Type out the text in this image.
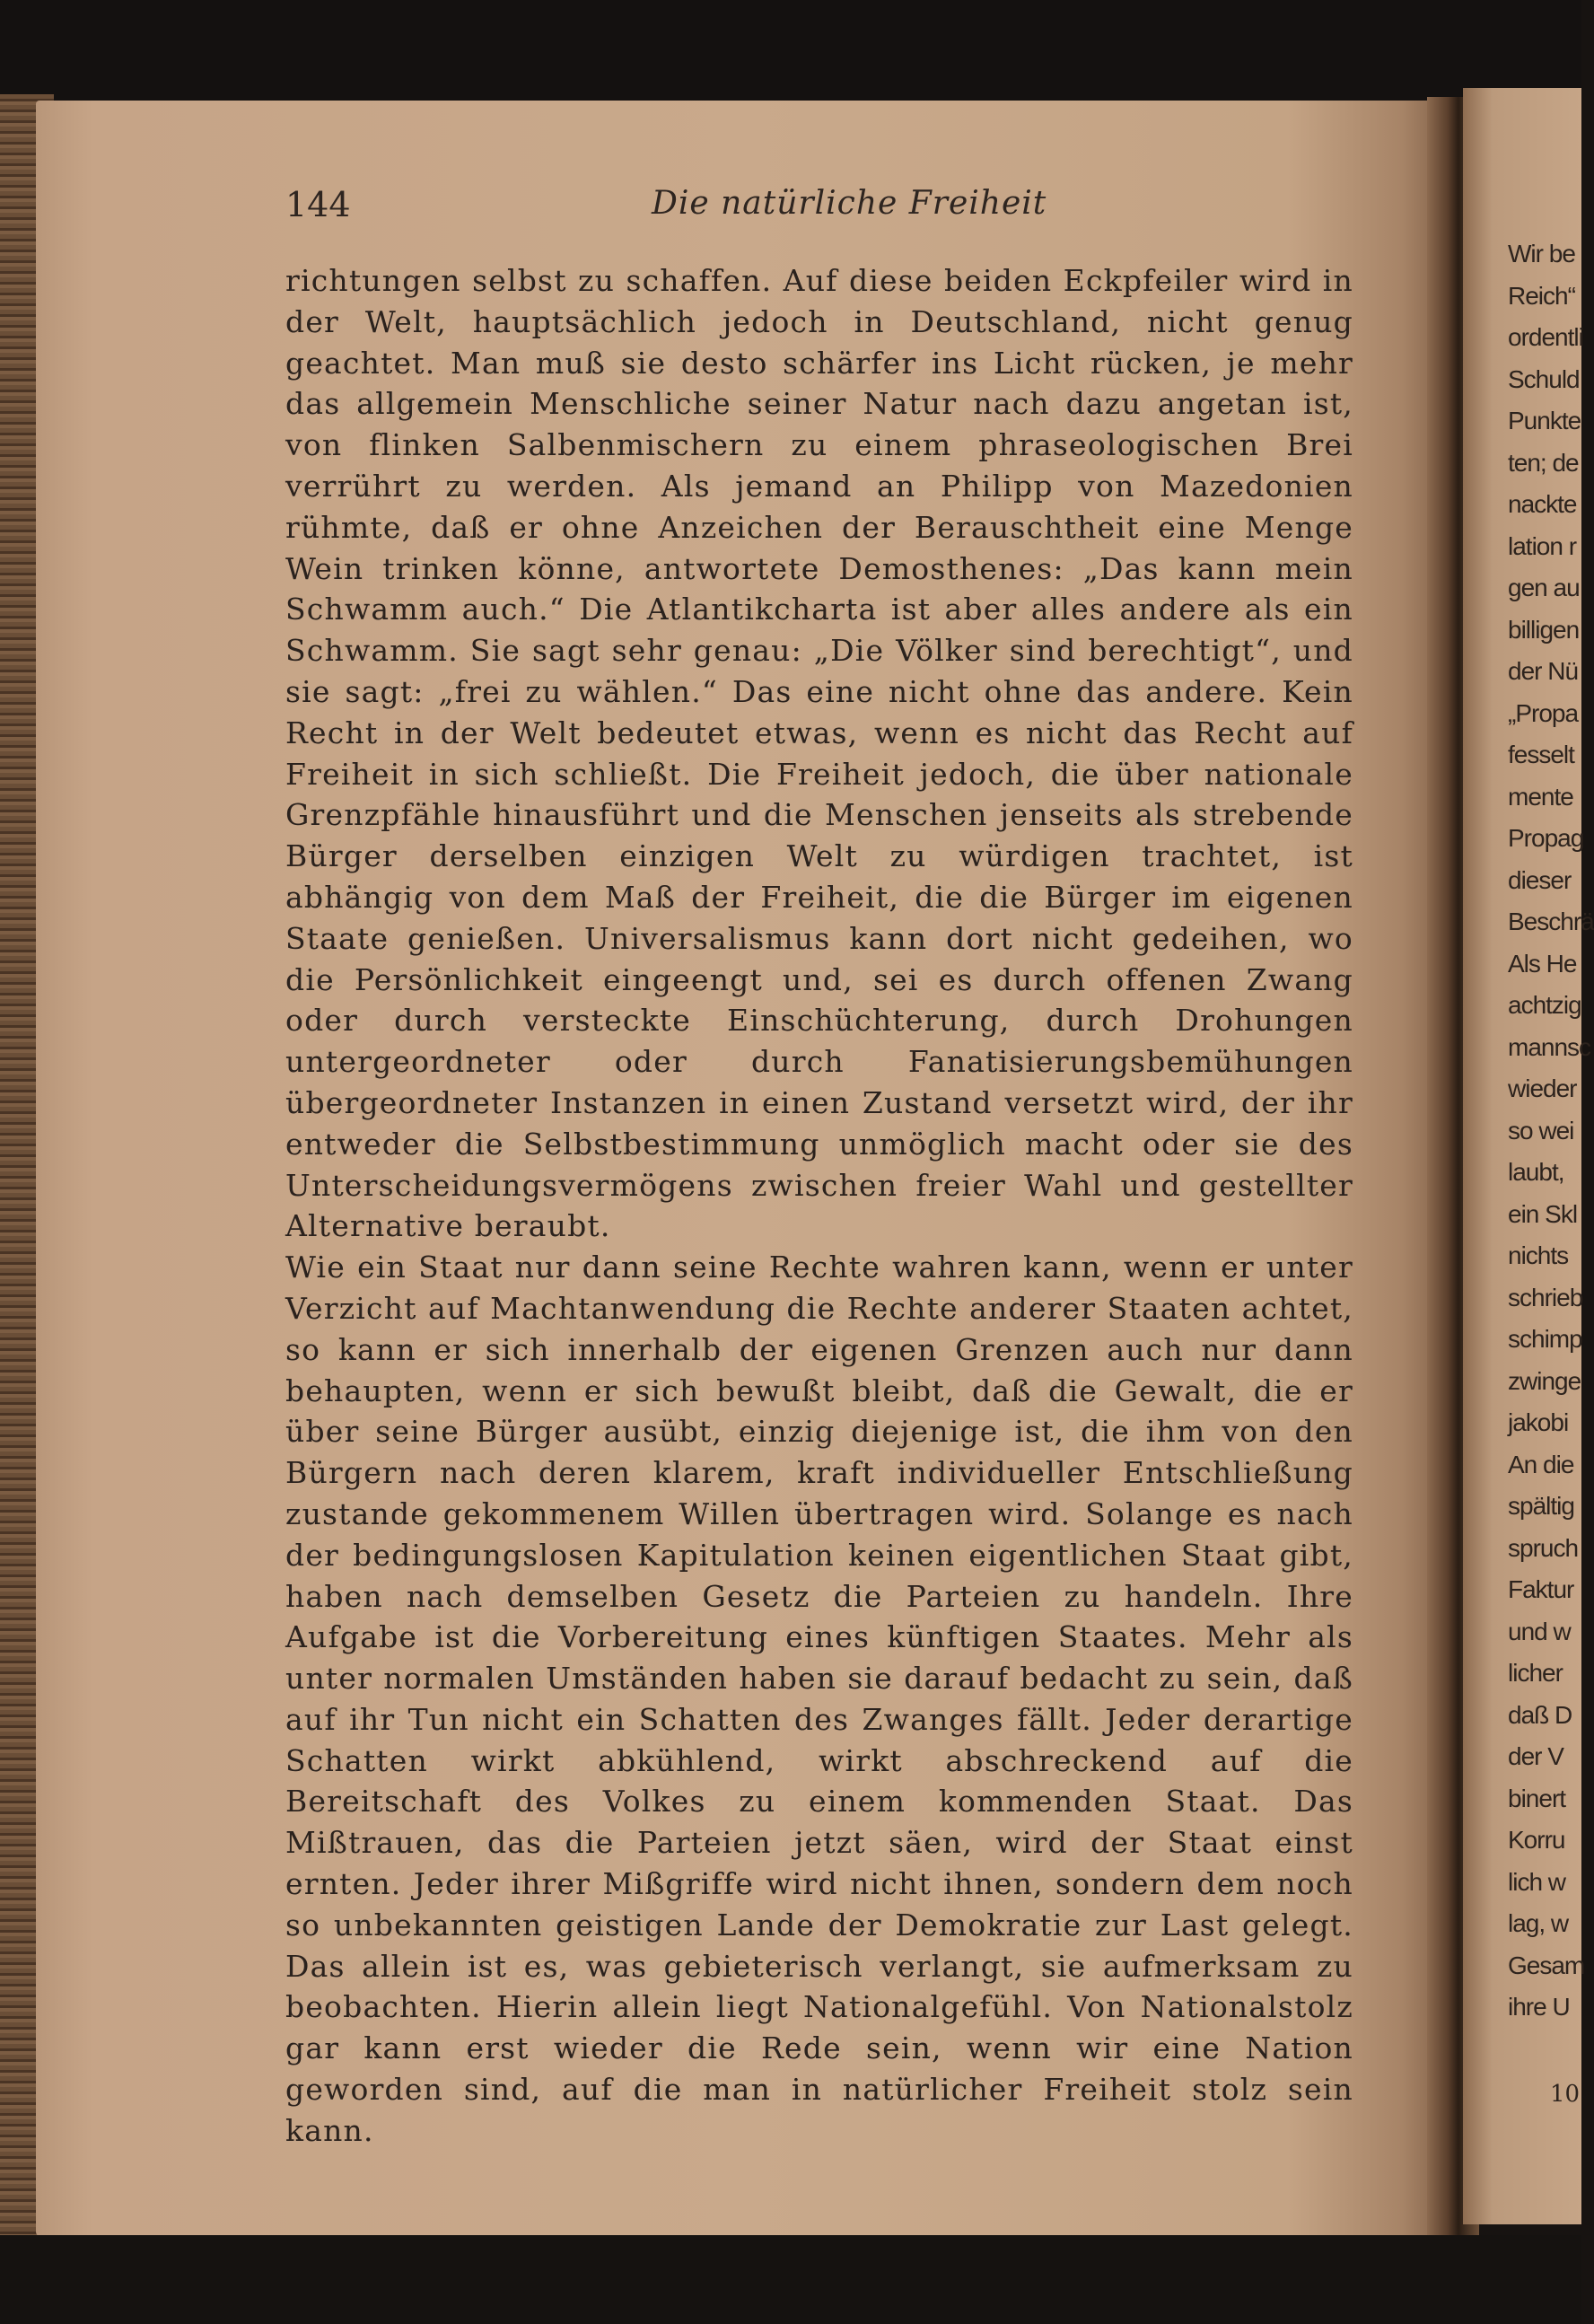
144	Die natürliche Freiheit

richtungen selbst zu schaffen. Auf diese beiden Eckpfeiler wird in der Welt, hauptsächlich jedoch in Deutschland, nicht genug geachtet. Man muß sie desto schärfer ins Licht rücken, je mehr das allgemein Menschliche seiner Natur nach dazu angetan ist, von flinken Salbenmischern zu einem phraseologischen Brei verrührt zu werden. Als jemand an Philipp von Mazedonien rühmte, daß er ohne Anzeichen der Berauschtheit eine Menge Wein trinken könne, antwortete Demosthenes: „Das kann mein Schwamm auch.“ Die Atlantikcharta ist aber alles andere als ein Schwamm. Sie sagt sehr genau: „Die Völker sind berechtigt“, und sie sagt: „frei zu wählen.“ Das eine nicht ohne das andere. Kein Recht in der Welt bedeutet etwas, wenn es nicht das Recht auf Freiheit in sich schließt. Die Freiheit jedoch, die über nationale Grenzpfähle hinausführt und die Menschen jenseits als strebende Bürger derselben einzigen Welt zu würdigen trachtet, ist abhängig von dem Maß der Freiheit, die die Bürger im eigenen Staate genießen. Universalismus kann dort nicht gedeihen, wo die Persönlichkeit eingeengt und, sei es durch offenen Zwang oder durch versteckte Einschüchterung, durch Drohungen untergeordneter oder durch Fanatisierungsbemühungen übergeordneter Instanzen in einen Zustand versetzt wird, der ihr entweder die Selbstbestimmung unmöglich macht oder sie des Unterscheidungsvermögens zwischen freier Wahl und gestellter Alternative beraubt.

Wie ein Staat nur dann seine Rechte wahren kann, wenn er unter Verzicht auf Machtanwendung die Rechte anderer Staaten achtet, so kann er sich innerhalb der eigenen Grenzen auch nur dann behaupten, wenn er sich bewußt bleibt, daß die Gewalt, die er über seine Bürger ausübt, einzig diejenige ist, die ihm von den Bürgern nach deren klarem, kraft individueller Entschließung zustande gekommenem Willen übertragen wird. Solange es nach der bedingungslosen Kapitulation keinen eigentlichen Staat gibt, haben nach demselben Gesetz die Parteien zu handeln. Ihre Aufgabe ist die Vorbereitung eines künftigen Staates. Mehr als unter normalen Umständen haben sie darauf bedacht zu sein, daß auf ihr Tun nicht ein Schatten des Zwanges fällt. Jeder derartige Schatten wirkt abkühlend, wirkt abschreckend auf die Bereitschaft des Volkes zu einem kommenden Staat. Das Mißtrauen, das die Parteien jetzt säen, wird der Staat einst ernten. Jeder ihrer Mißgriffe wird nicht ihnen, sondern dem noch so unbekannten geistigen Lande der Demokratie zur Last gelegt. Das allein ist es, was gebieterisch verlangt, sie aufmerksam zu beobachten. Hierin allein liegt Nationalgefühl. Von Nationalstolz gar kann erst wieder die Rede sein, wenn wir eine Nation geworden sind, auf die man in natürlicher Freiheit stolz sein kann.

Wir be
Reich“
ordentli
Schuld
Punkte
ten; de
nackte
lation r
gen au
billigen
der Nü
„Propa
fesselt
mente
Propag
dieser
Beschrä
Als He
achtzig
mannsc
wieder
so wei
laubt,
ein Skl
nichts
schrieb
schimp
zwinge
jakobi
An die
spältig
spruch
Faktur
und w
licher
daß D
der V
binert
Korru
lich w
lag, w
Gesam
ihre U
10
